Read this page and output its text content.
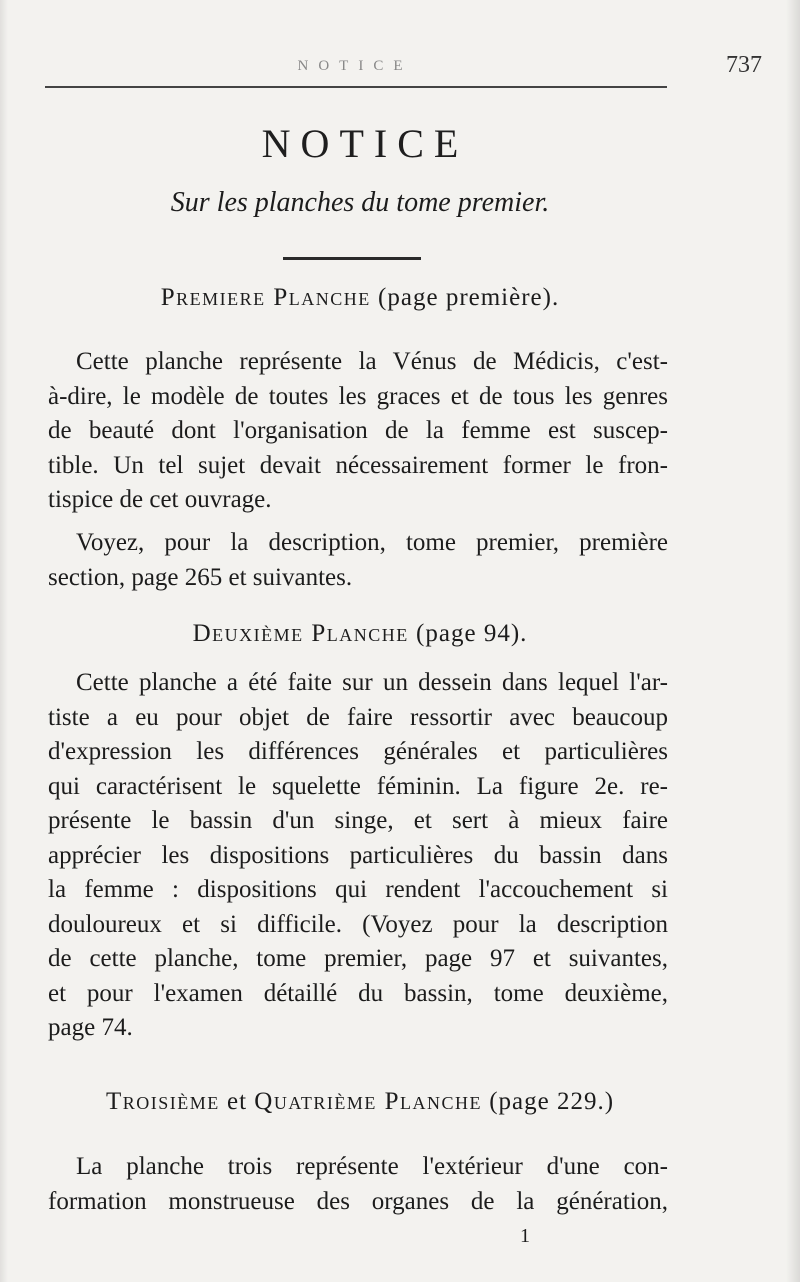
NOTICE	737
NOTICE
Sur les planches du tome premier.
Premiere Planche (page première).
Cette planche représente la Vénus de Médicis, c'est-
à-dire, le modèle de toutes les graces et de tous les genres
de beauté dont l'organisation de la femme est suscep-
tible. Un tel sujet devait nécessairement former le fron-
tispice de cet ouvrage.
Voyez, pour la description, tome premier, première
section, page 265 et suivantes.
Deuxième Planche (page 94).
Cette planche a été faite sur un dessein dans lequel l'ar-
tiste a eu pour objet de faire ressortir avec beaucoup
d'expression les différences générales et particulières
qui caractérisent le squelette féminin. La figure 2e. re-
présente le bassin d'un singe, et sert à mieux faire
apprécier les dispositions particulières du bassin dans
la femme : dispositions qui rendent l'accouchement si
douloureux et si difficile. (Voyez pour la description
de cette planche, tome premier, page 97 et suivantes,
et pour l'examen détaillé du bassin, tome deuxième,
page 74.
Troisième et Quatrième Planche (page 229.)
La planche trois représente l'extérieur d'une con-
formation monstrueuse des organes de la génération,
1
